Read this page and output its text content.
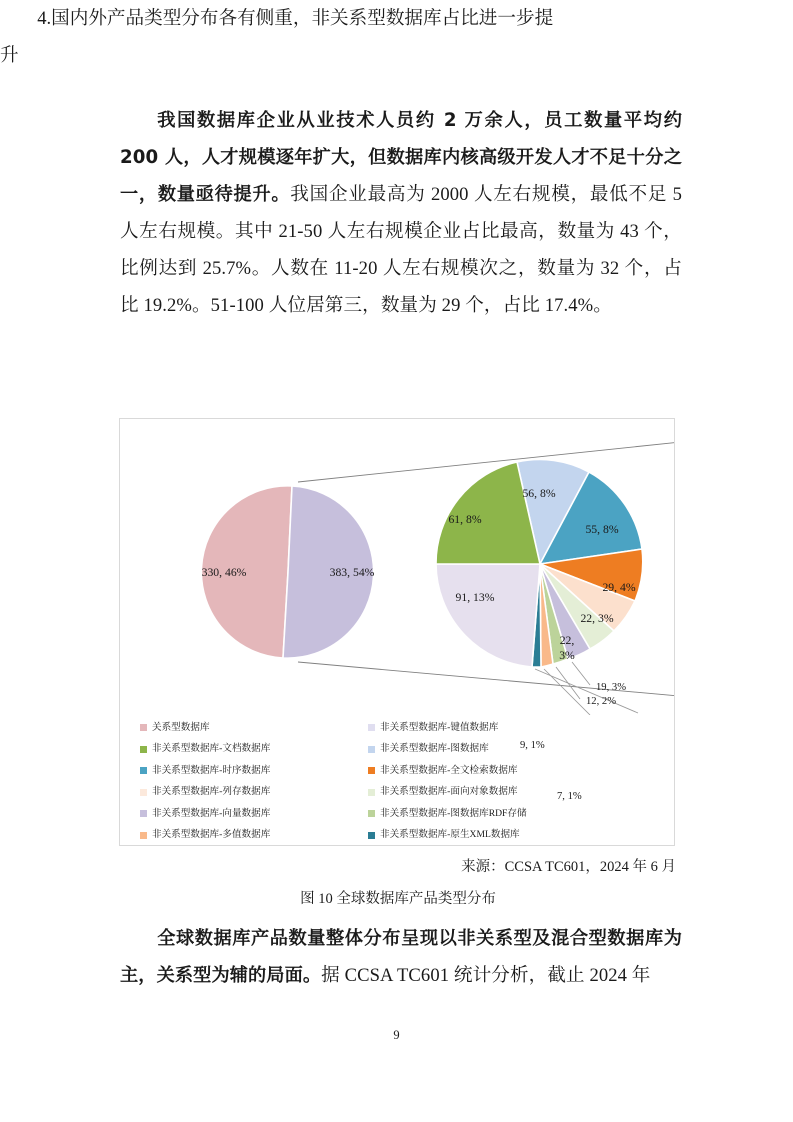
我国数据库企业从业技术人员约 2 万余人，员工数量平均约 200 人，人才规模逐年扩大，但数据库内核高级开发人才不足十分之一，数量亟待提升。我国企业最高为 2000 人左右规模，最低不足 5 人左右规模。其中 21-50 人左右规模企业占比最高，数量为 43 个，比例达到 25.7%。人数在 11-20 人左右规模次之，数量为 32 个，占比 19.2%。51-100 人位居第三，数量为 29 个，占比 17.4%。
4.国内外产品类型分布各有侧重，非关系型数据库占比进一步提升
330, 46%	383, 54%
56, 8%
55, 8%
29, 4%
22, 3%
22,
3%
91, 13%
61, 8%
19, 3%
12, 2%
关系型数据库	非关系型数据库-键值数据库
非关系型数据库-文档数据库	非关系型数据库-图数据库
非关系型数据库-时序数据库	非关系型数据库-全文检索数据库
非关系型数据库-列存数据库	非关系型数据库-面向对象数据库
非关系型数据库-向量数据库	非关系型数据库-图数据库RDF存储
非关系型数据库-多值数据库	非关系型数据库-原生XML数据库
9, 1%
7, 1%
来源：CCSA TC601，2024 年 6 月
图 10 全球数据库产品类型分布
全球数据库产品数量整体分布呈现以非关系型及混合型数据库为主，关系型为辅的局面。据 CCSA TC601 统计分析，截止 2024 年
9
